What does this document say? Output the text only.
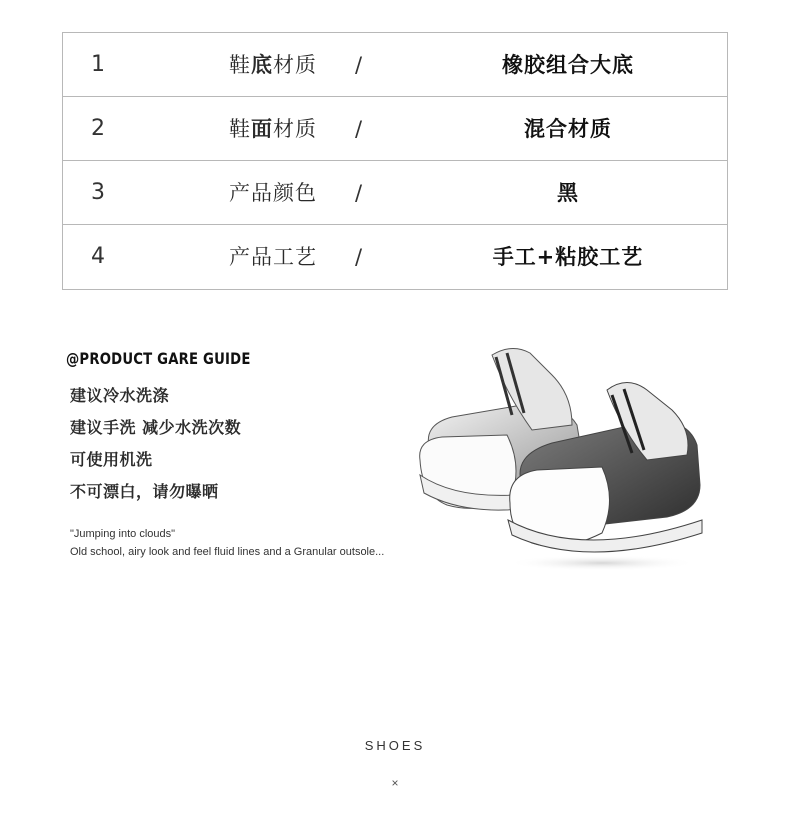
1	鞋底材质 /	橡胶组合大底
2	鞋面材质 /	混合材质
3	产品颜色 /	黑
4	产品工艺 /	手工+粘胶工艺
@PRODUCT GARE GUIDE
建议冷水洗涤
建议手洗 减少水洗次数
可使用机洗
不可漂白，请勿曝晒
"Jumping into clouds"
Old school, airy look and feel fluid lines and a Granular outsole...
SHOES
×
